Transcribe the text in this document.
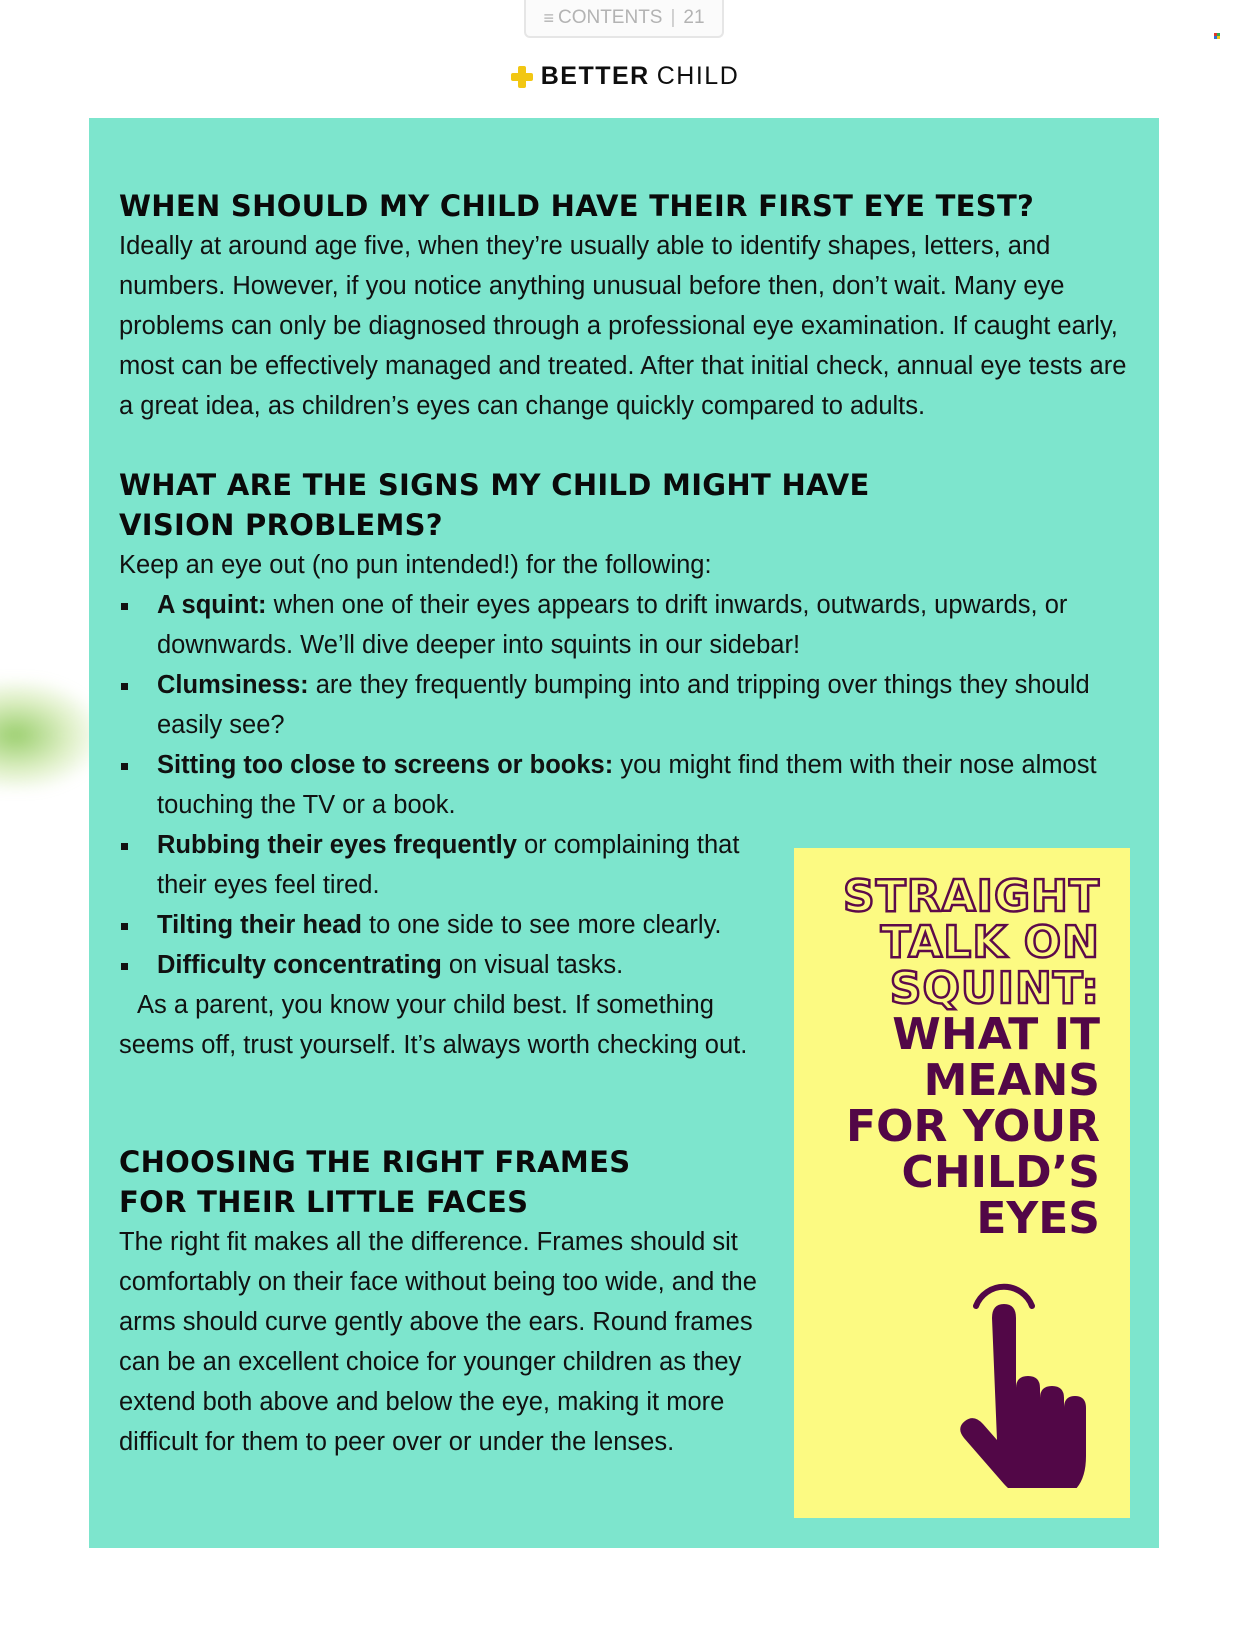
≡ CONTENTS | 21
BETTER CHILD
WHEN SHOULD MY CHILD HAVE THEIR FIRST EYE TEST?

Ideally at around age five, when they’re usually able to identify shapes, letters, and numbers. However, if you notice anything unusual before then, don’t wait. Many eye problems can only be diagnosed through a professional eye examination. If caught early, most can be effectively managed and treated. After that initial check, annual eye tests are a great idea, as children’s eyes can change quickly compared to adults.

WHAT ARE THE SIGNS MY CHILD MIGHT HAVE
VISION PROBLEMS?

Keep an eye out (no pun intended!) for the following:

A squint: when one of their eyes appears to drift inwards, outwards, upwards, or downwards. We’ll dive deeper into squints in our sidebar!
Clumsiness: are they frequently bumping into and tripping over things they should easily see?
Sitting too close to screens or books: you might find them with their nose almost touching the TV or a book.
Rubbing their eyes frequently or complaining that their eyes feel tired.
Tilting their head to one side to see more clearly.
Difficulty concentrating on visual tasks.

As a parent, you know your child best. If something seems off, trust yourself. It’s always worth checking out.

CHOOSING THE RIGHT FRAMES
FOR THEIR LITTLE FACES

The right fit makes all the difference. Frames should sit comfortably on their face without being too wide, and the arms should curve gently above the ears. Round frames can be an excellent choice for younger children as they extend both above and below the eye, making it more difficult for them to peer over or under the lenses.

STRAIGHT
TALK ON
SQUINT:
WHAT IT
MEANS
FOR YOUR
CHILD’S
EYES
